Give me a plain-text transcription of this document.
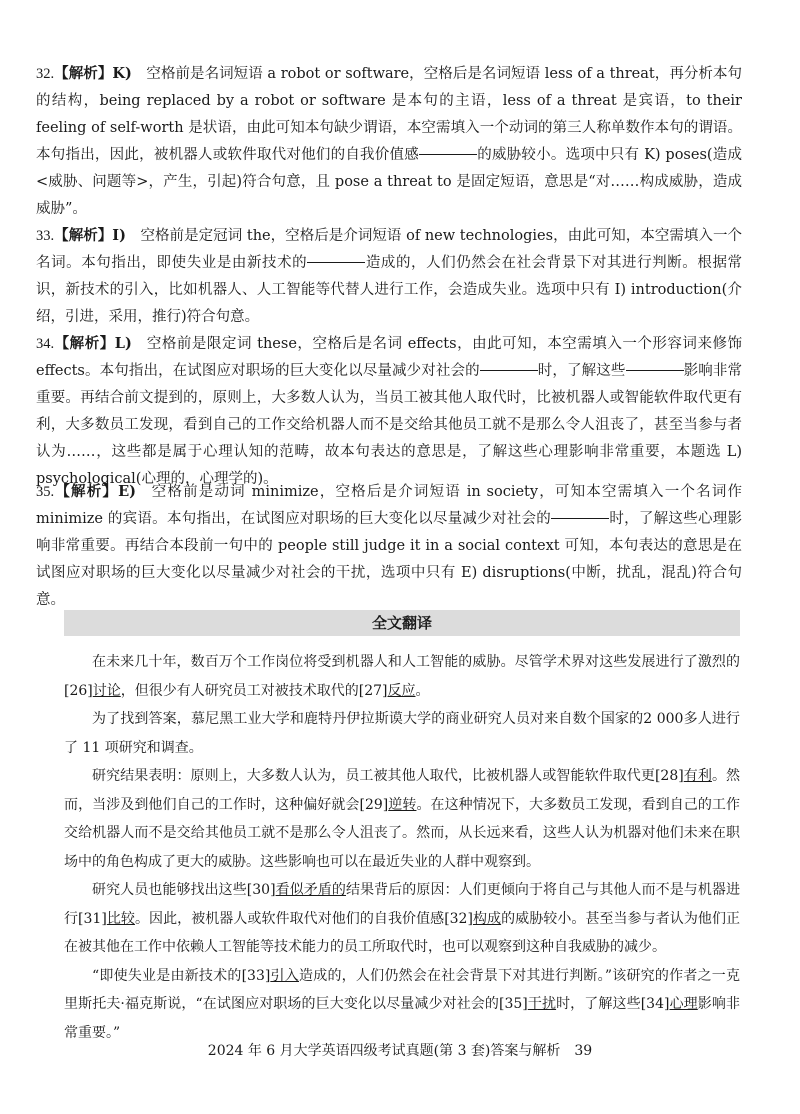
32.【解析】K)   空格前是名词短语 a robot or software，空格后是名词短语 less of a threat，再分析本句的结构，being replaced by a robot or software 是本句的主语，less of a threat 是宾语，to their feeling of self-worth 是状语，由此可知本句缺少谓语，本空需填入一个动词的第三人称单数作本句的谓语。本句指出，因此，被机器人或软件取代对他们的自我价值感	的威胁较小。选项中只有 K) poses(造成<威胁、问题等>，产生，引起)符合句意，且 pose a threat to 是固定短语，意思是“对……构成威胁，造成威胁”。
33.【解析】I)   空格前是定冠词 the，空格后是介词短语 of new technologies，由此可知，本空需填入一个名词。本句指出，即使失业是由新技术的	造成的，人们仍然会在社会背景下对其进行判断。根据常识，新技术的引入，比如机器人、人工智能等代替人进行工作，会造成失业。选项中只有 I) introduction(介绍，引进，采用，推行)符合句意。
34.【解析】L)   空格前是限定词 these，空格后是名词 effects，由此可知，本空需填入一个形容词来修饰 effects。本句指出，在试图应对职场的巨大变化以尽量减少对社会的	时，了解这些	影响非常重要。再结合前文提到的，原则上，大多数人认为，当员工被其他人取代时，比被机器人或智能软件取代更有利，大多数员工发现，看到自己的工作交给机器人而不是交给其他员工就不是那么令人沮丧了，甚至当参与者认为……，这些都是属于心理认知的范畴，故本句表达的意思是，了解这些心理影响非常重要，本题选 L) psychological(心理的，心理学的)。
35.【解析】E)   空格前是动词 minimize，空格后是介词短语 in society，可知本空需填入一个名词作 minimize 的宾语。本句指出，在试图应对职场的巨大变化以尽量减少对社会的	时，了解这些心理影响非常重要。再结合本段前一句中的 people still judge it in a social context 可知，本句表达的意思是在试图应对职场的巨大变化以尽量减少对社会的干扰，选项中只有 E) disruptions(中断，扰乱，混乱)符合句意。
全文翻译

在未来几十年，数百万个工作岗位将受到机器人和人工智能的威胁。尽管学术界对这些发展进行了激烈的[26]讨论，但很少有人研究员工对被技术取代的[27]反应。

为了找到答案，慕尼黑工业大学和鹿特丹伊拉斯谟大学的商业研究人员对来自数个国家的2 000多人进行了 11 项研究和调查。

研究结果表明：原则上，大多数人认为，员工被其他人取代，比被机器人或智能软件取代更[28]有利。然而，当涉及到他们自己的工作时，这种偏好就会[29]逆转。在这种情况下，大多数员工发现，看到自己的工作交给机器人而不是交给其他员工就不是那么令人沮丧了。然而，从长远来看，这些人认为机器对他们未来在职场中的角色构成了更大的威胁。这些影响也可以在最近失业的人群中观察到。

研究人员也能够找出这些[30]看似矛盾的结果背后的原因：人们更倾向于将自己与其他人而不是与机器进行[31]比较。因此，被机器人或软件取代对他们的自我价值感[32]构成的威胁较小。甚至当参与者认为他们正在被其他在工作中依赖人工智能等技术能力的员工所取代时，也可以观察到这种自我威胁的减少。

“即使失业是由新技术的[33]引入造成的，人们仍然会在社会背景下对其进行判断。”该研究的作者之一克里斯托夫·福克斯说，“在试图应对职场的巨大变化以尽量减少对社会的[35]干扰时，了解这些[34]心理影响非常重要。”

2024 年 6 月大学英语四级考试真题(第 3 套)答案与解析　39
